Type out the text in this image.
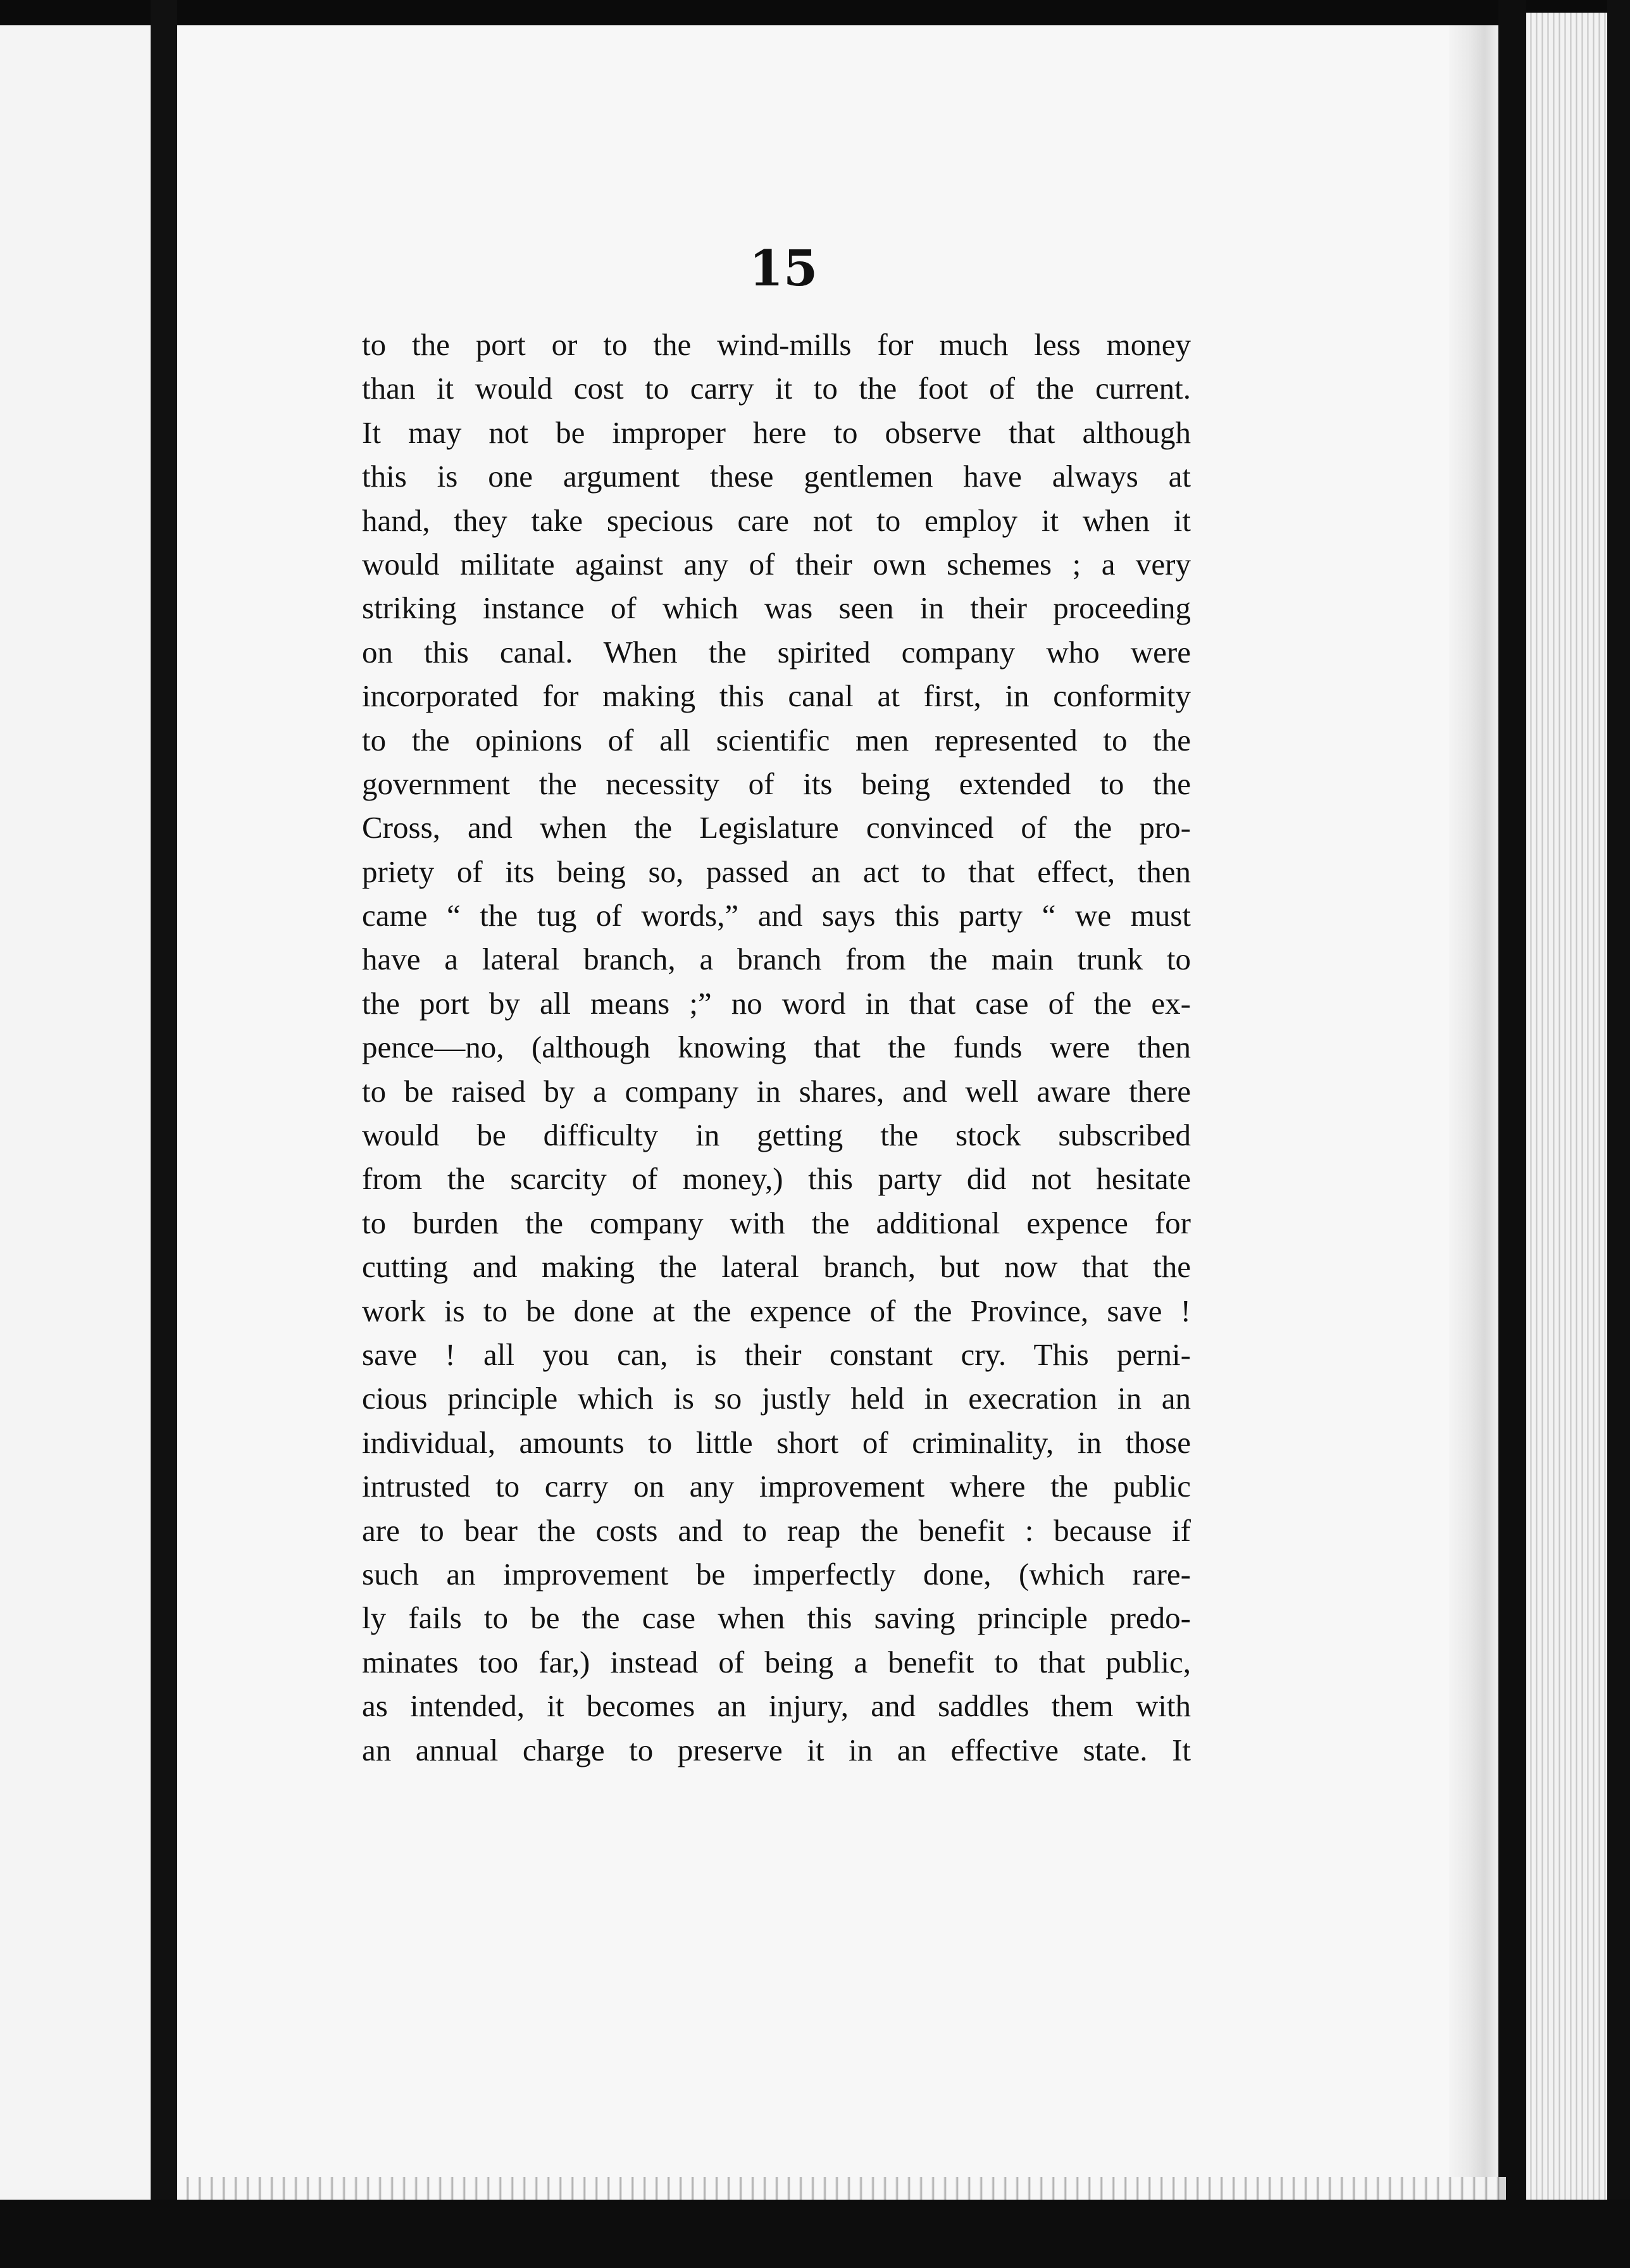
15
to the port or to the wind-mills for much less money
than it would cost to carry it to the foot of the current.
It may not be improper here to observe that although
this is one argument these gentlemen have always at
hand, they take specious care not to employ it when it
would militate against any of their own schemes ; a very
striking instance of which was seen in their proceeding
on this canal. When the spirited company who were
incorporated for making this canal at first, in conformity
to the opinions of all scientific men represented to the
government the necessity of its being extended to the
Cross, and when the Legislature convinced of the pro-
priety of its being so, passed an act to that effect, then
came “ the tug of words,” and says this party “ we must
have a lateral branch, a branch from the main trunk to
the port by all means ;” no word in that case of the ex-
pence—no, (although knowing that the funds were then
to be raised by a company in shares, and well aware there
would be difficulty in getting the stock subscribed
from the scarcity of money,) this party did not hesitate
to burden the company with the additional expence for
cutting and making the lateral branch, but now that the
work is to be done at the expence of the Province, save !
save ! all you can, is their constant cry. This perni-
cious principle which is so justly held in execration in an
individual, amounts to little short of criminality, in those
intrusted to carry on any improvement where the public
are to bear the costs and to reap the benefit : because if
such an improvement be imperfectly done, (which rare-
ly fails to be the case when this saving principle predo-
minates too far,) instead of being a benefit to that public,
as intended, it becomes an injury, and saddles them with
an annual charge to preserve it in an effective state. It
